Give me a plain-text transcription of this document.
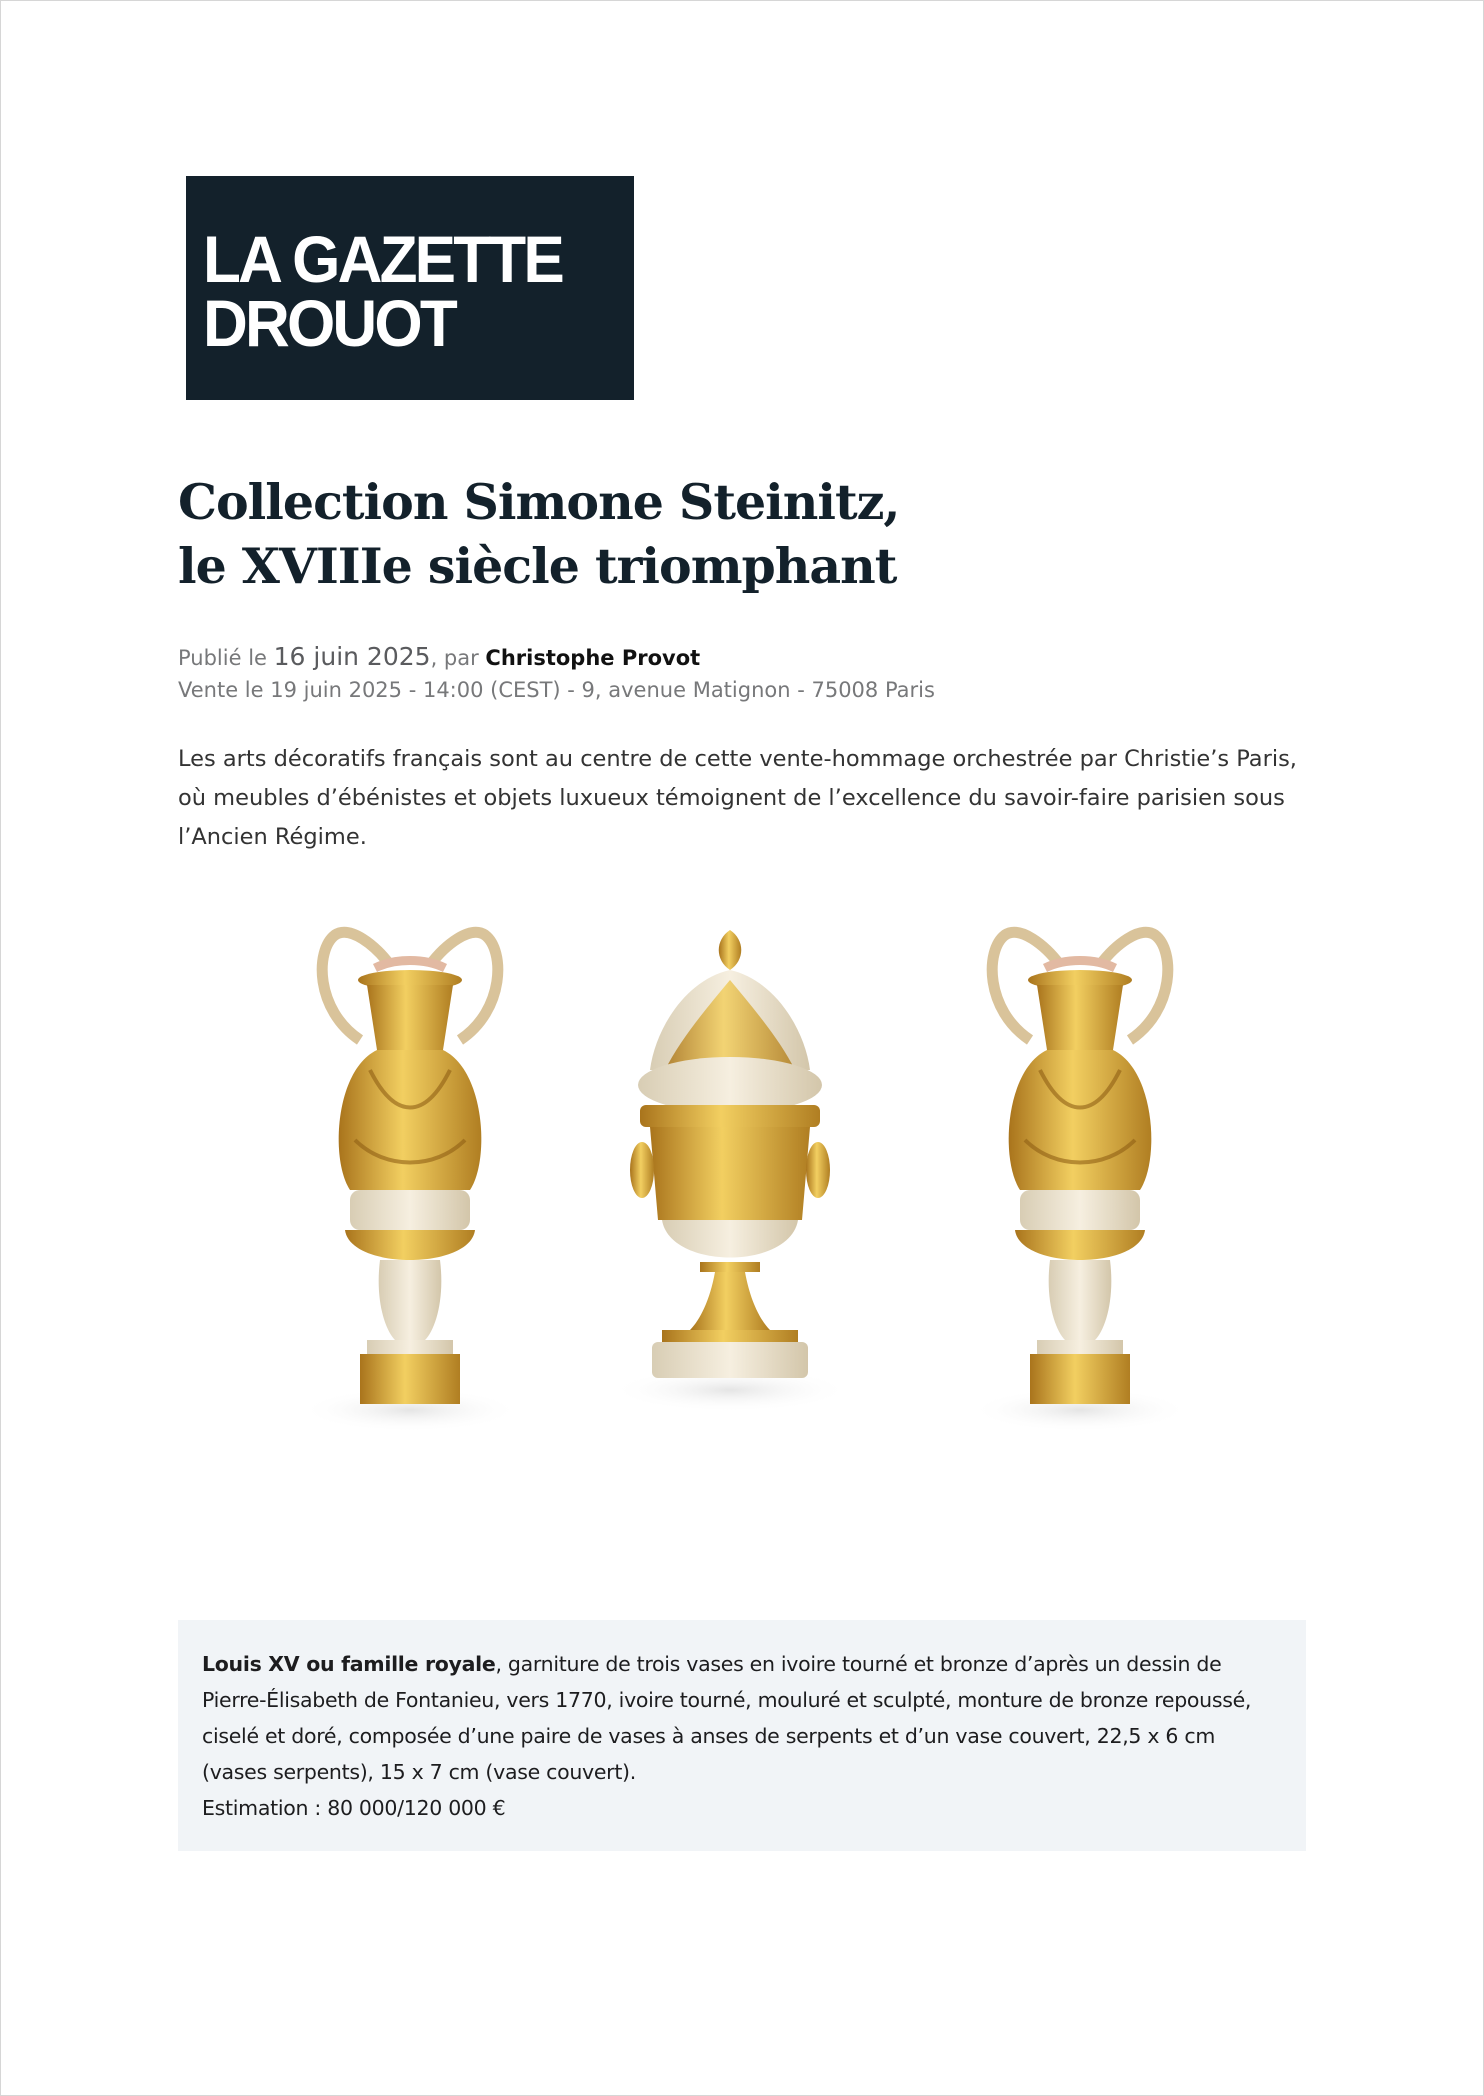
LA GAZETTE
DROUOT
Collection Simone Steinitz,
le XVIIIe siècle triomphant
Publié le 16 juin 2025, par Christophe Provot
Vente le 19 juin 2025 - 14:00 (CEST) - 9, avenue Matignon - 75008 Paris
Les arts décoratifs français sont au centre de cette vente-hommage orchestrée par Christie’s Paris, où meubles d’ébénistes et objets luxueux témoignent de l’excellence du savoir-faire parisien sous l’Ancien Régime.
Louis XV ou famille royale, garniture de trois vases en ivoire tourné et bronze d’après un dessin de Pierre-Élisabeth de Fontanieu, vers 1770, ivoire tourné, mouluré et sculpté, monture de bronze repoussé, ciselé et doré, composée d’une paire de vases à anses de serpents et d’un vase couvert, 22,5 x 6 cm (vases serpents), 15 x 7 cm (vase couvert).
Estimation : 80 000/120 000 €
